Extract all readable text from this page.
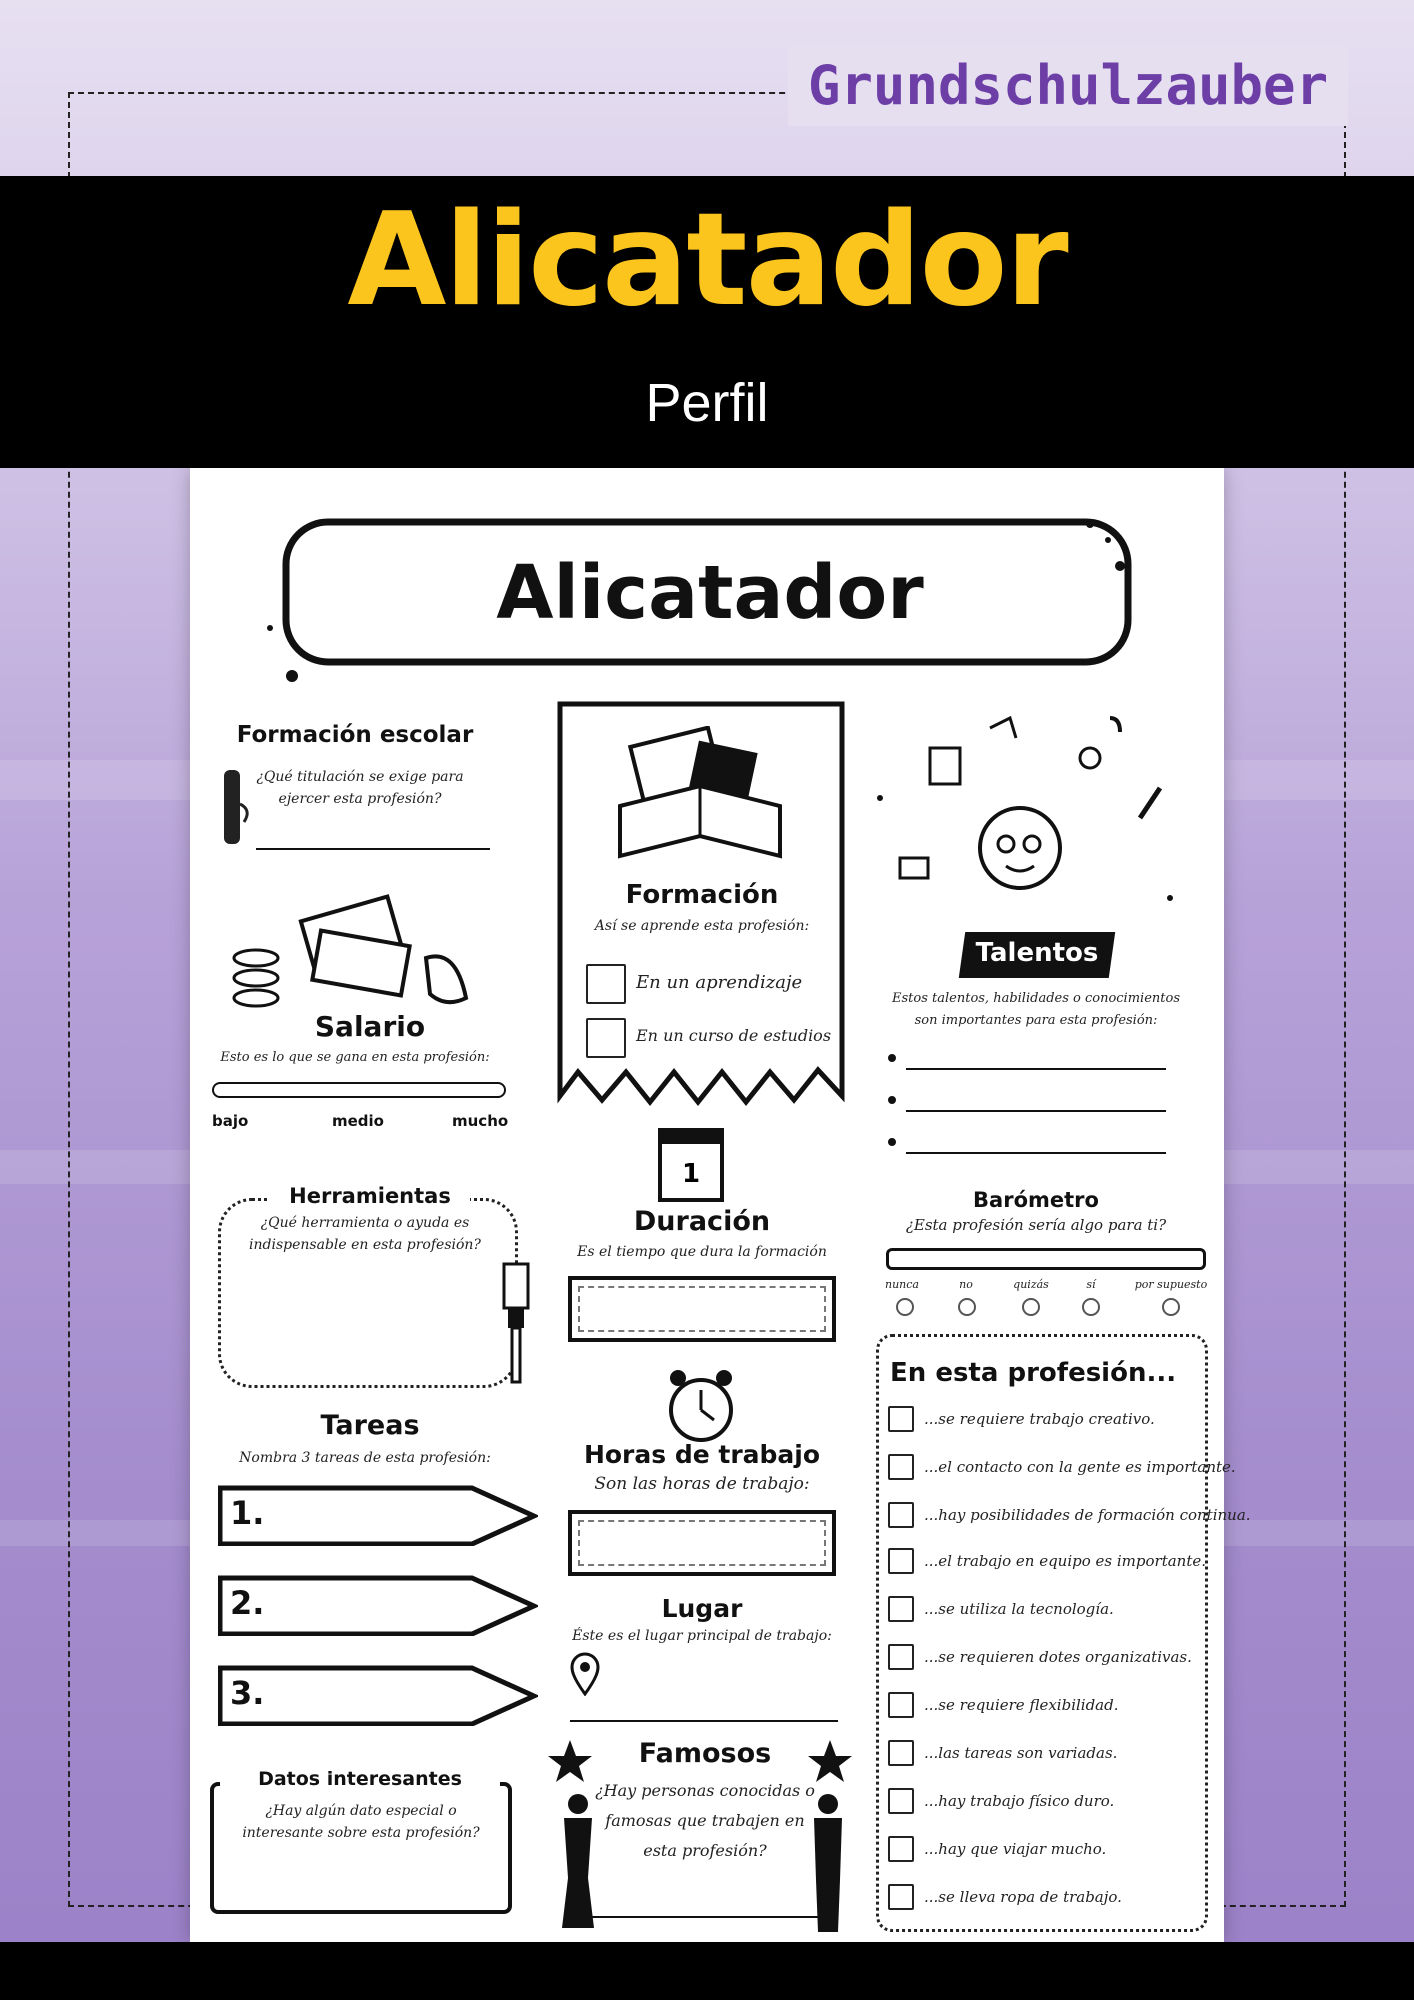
Grundschulzauber
Alicatador
Perfil
Alicatador
Formación escolar
¿Qué titulación se exige para ejercer esta profesión?
Formación
Así se aprende esta profesión:
En un aprendizaje
En un curso de estudios
Talentos
Estos talentos, habilidades o conocimientos son importantes para esta profesión:
Salario
Esto es lo que se gana en esta profesión:
bajo	medio	mucho
Herramientas
¿Qué herramienta o ayuda es indispensable en esta profesión?
1
Duración
Es el tiempo que dura la formación
Barómetro
¿Esta profesión sería algo para ti?
nunca	no	quizás	sí	por supuesto
En esta profesión...
Tareas
Nombra 3 tareas de esta profesión:	Horas de trabajo
Son las horas de trabajo:
Lugar
Éste es el lugar principal de trabajo:
Famosos
¿Hay personas conocidas o famosas que trabajen en esta profesión?
Datos interesantes
¿Hay algún dato especial o interesante sobre esta profesión?
1.
2.
3.
...se requiere trabajo creativo.
...el contacto con la gente es importante.
...hay posibilidades de formación continua.
...el trabajo en equipo es importante.
...se utiliza la tecnología.
...se requieren dotes organizativas.
...se requiere flexibilidad.
...las tareas son variadas.
...hay trabajo físico duro.
...hay que viajar mucho.
...se lleva ropa de trabajo.
